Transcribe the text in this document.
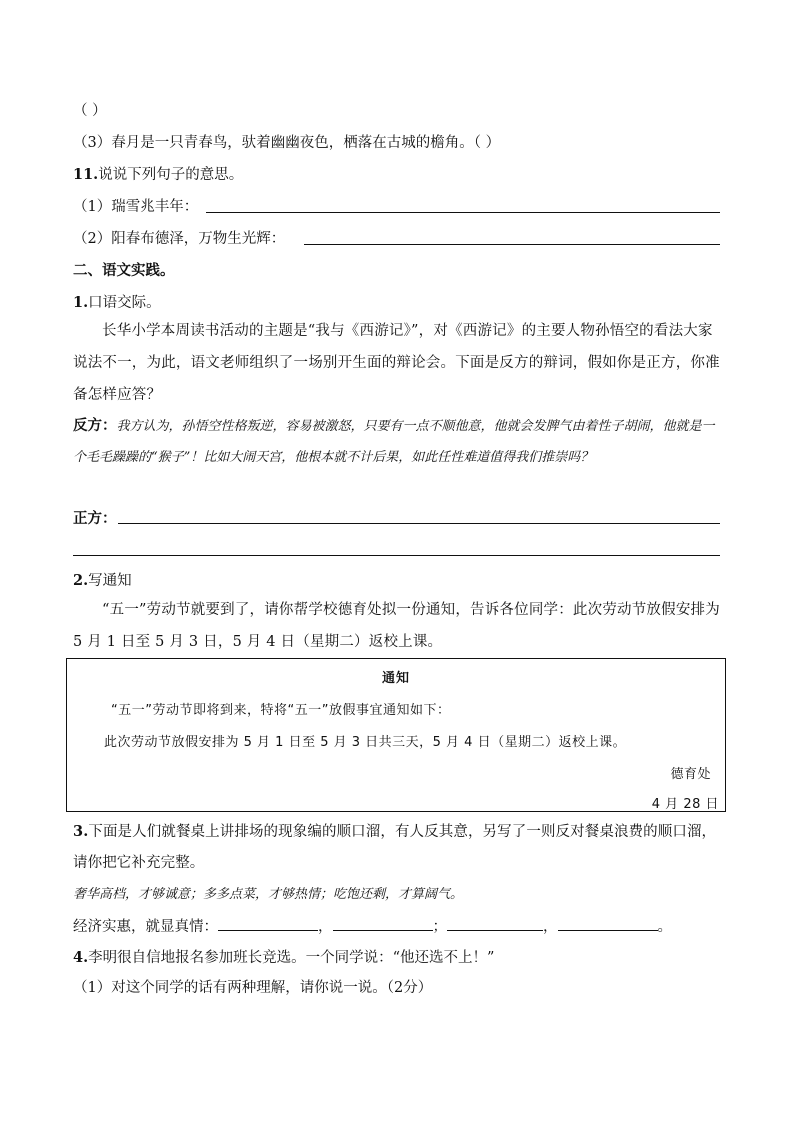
（ ）
（3）春月是一只青春鸟，驮着幽幽夜色，栖落在古城的檐角。（ ）
11.说说下列句子的意思。
（1）瑞雪兆丰年：
（2）阳春布德泽，万物生光辉：
二、语文实践。
1.口语交际。
长华小学本周读书活动的主题是“我与《西游记》”，对《西游记》的主要人物孙悟空的看法大家说法不一，为此，语文老师组织了一场别开生面的辩论会。下面是反方的辩词，假如你是正方，你准备怎样应答？
反方：我方认为，孙悟空性格叛逆，容易被激怒，只要有一点不顺他意，他就会发脾气由着性子胡闹，他就是一个毛毛躁躁的“猴子”！比如大闹天宫，他根本就不计后果，如此任性难道值得我们推崇吗？
正方：
2.写通知
“五一”劳动节就要到了，请你帮学校德育处拟一份通知，告诉各位同学：此次劳动节放假安排为 5 月 1 日至 5 月 3 日，5 月 4 日（星期二）返校上课。
通知
“五一”劳动节即将到来，特将“五一”放假事宜通知如下：
此次劳动节放假安排为 5 月 1 日至 5 月 3 日共三天，5 月 4 日（星期二）返校上课。
德育处
4 月 28 日
3.下面是人们就餐桌上讲排场的现象编的顺口溜，有人反其意，另写了一则反对餐桌浪费的顺口溜，请你把它补充完整。
奢华高档，才够诚意；多多点菜，才够热情；吃饱还剩，才算阔气。
经济实惠，就显真情：	，	；	，	。
4.李明很自信地报名参加班长竞选。一个同学说：“他还选不上！”
（1）对这个同学的话有两种理解，请你说一说。（2分）
